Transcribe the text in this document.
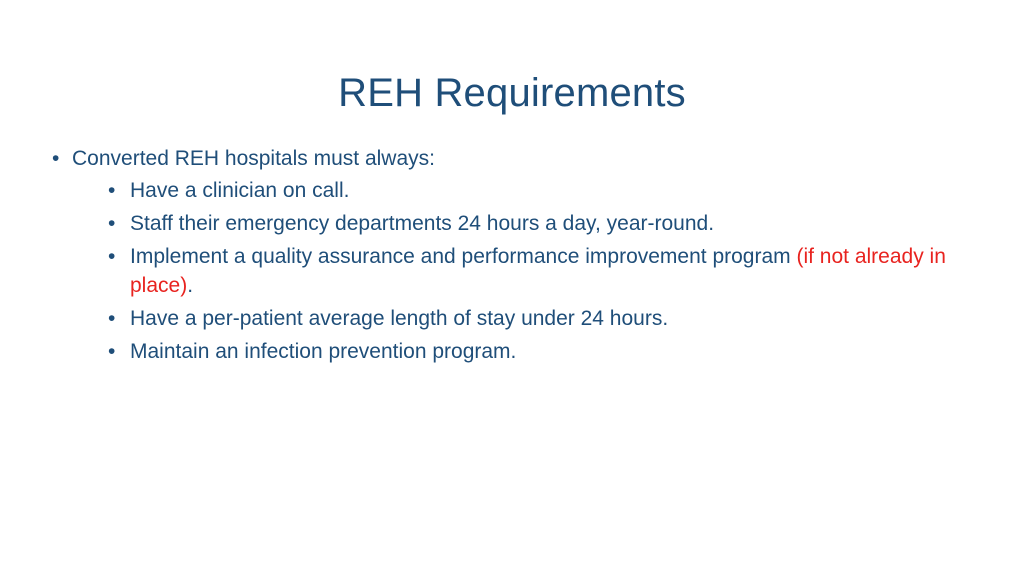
REH Requirements
• Converted REH hospitals must always:
• Have a clinician on call.
• Staff their emergency departments 24 hours a day, year-round.
• Implement a quality assurance and performance improvement program (if not already in place).
• Have a per-patient average length of stay under 24 hours.
• Maintain an infection prevention program.
